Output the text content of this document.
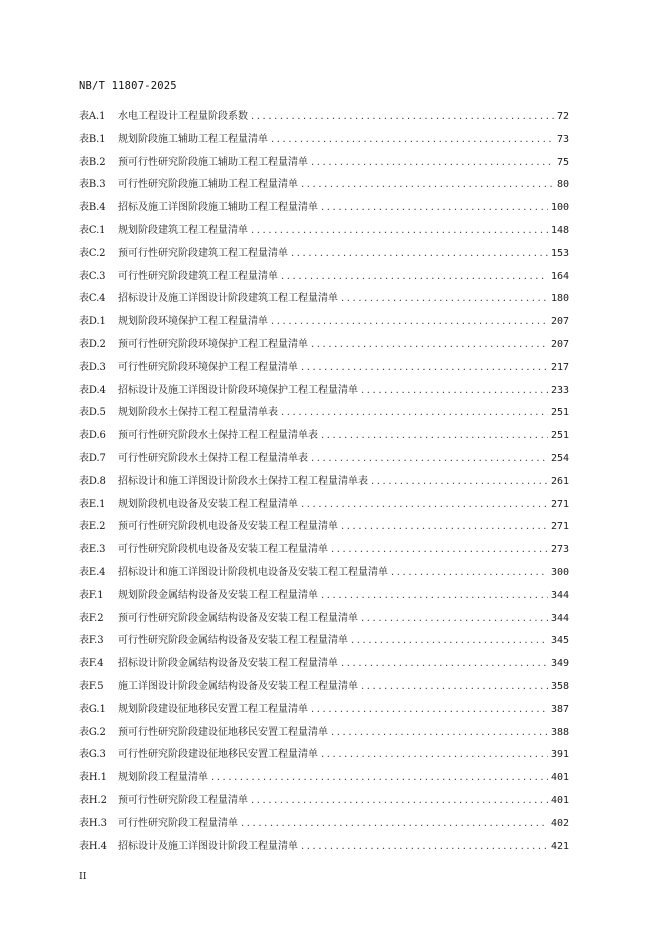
NB/T 11807-2025
表A.1	水电工程设计工程量阶段系数 .....	72
表B.1	规划阶段施工辅助工程工程量清单 .....	73
表B.2	预可行性研究阶段施工辅助工程工程量清单 .....	75
表B.3	可行性研究阶段施工辅助工程工程量清单 .....	80
表B.4	招标及施工详图阶段施工辅助工程工程量清单 .....	100
表C.1	规划阶段建筑工程工程量清单 .....	148
表C.2	预可行性研究阶段建筑工程工程量清单 .....	153
表C.3	可行性研究阶段建筑工程工程量清单 .....	164
表C.4	招标设计及施工详图设计阶段建筑工程工程量清单 .....	180
表D.1	规划阶段环境保护工程工程量清单 .....	207
表D.2	预可行性研究阶段环境保护工程工程量清单 .....	207
表D.3	可行性研究阶段环境保护工程工程量清单 .....	217
表D.4	招标设计及施工详图设计阶段环境保护工程工程量清单 .....	233
表D.5	规划阶段水土保持工程工程量清单表 .....	251
表D.6	预可行性研究阶段水土保持工程工程量清单表 .....	251
表D.7	可行性研究阶段水土保持工程工程量清单表 .....	254
表D.8	招标设计和施工详图设计阶段水土保持工程工程量清单表 .....	261
表E.1	规划阶段机电设备及安装工程工程量清单 .....	271
表E.2	预可行性研究阶段机电设备及安装工程工程量清单 .....	271
表E.3	可行性研究阶段机电设备及安装工程工程量清单 .....	273
表E.4	招标设计和施工详图设计阶段机电设备及安装工程工程量清单 .....	300
表F.1	规划阶段金属结构设备及安装工程工程量清单 .....	344
表F.2	预可行性研究阶段金属结构设备及安装工程工程量清单 .....	344
表F.3	可行性研究阶段金属结构设备及安装工程工程量清单 .....	345
表F.4	招标设计阶段金属结构设备及安装工程工程量清单 .....	349
表F.5	施工详图设计阶段金属结构设备及安装工程工程量清单 .....	358
表G.1	规划阶段建设征地移民安置工程工程量清单 .....	387
表G.2	预可行性研究阶段建设征地移民安置工程量清单 .....	388
表G.3	可行性研究阶段建设征地移民安置工程量清单 .....	391
表H.1	规划阶段工程量清单 .....	401
表H.2	预可行性研究阶段工程量清单 .....	401
表H.3	可行性研究阶段工程量清单 .....	402
表H.4	招标设计及施工详图设计阶段工程量清单 .....	421
II
